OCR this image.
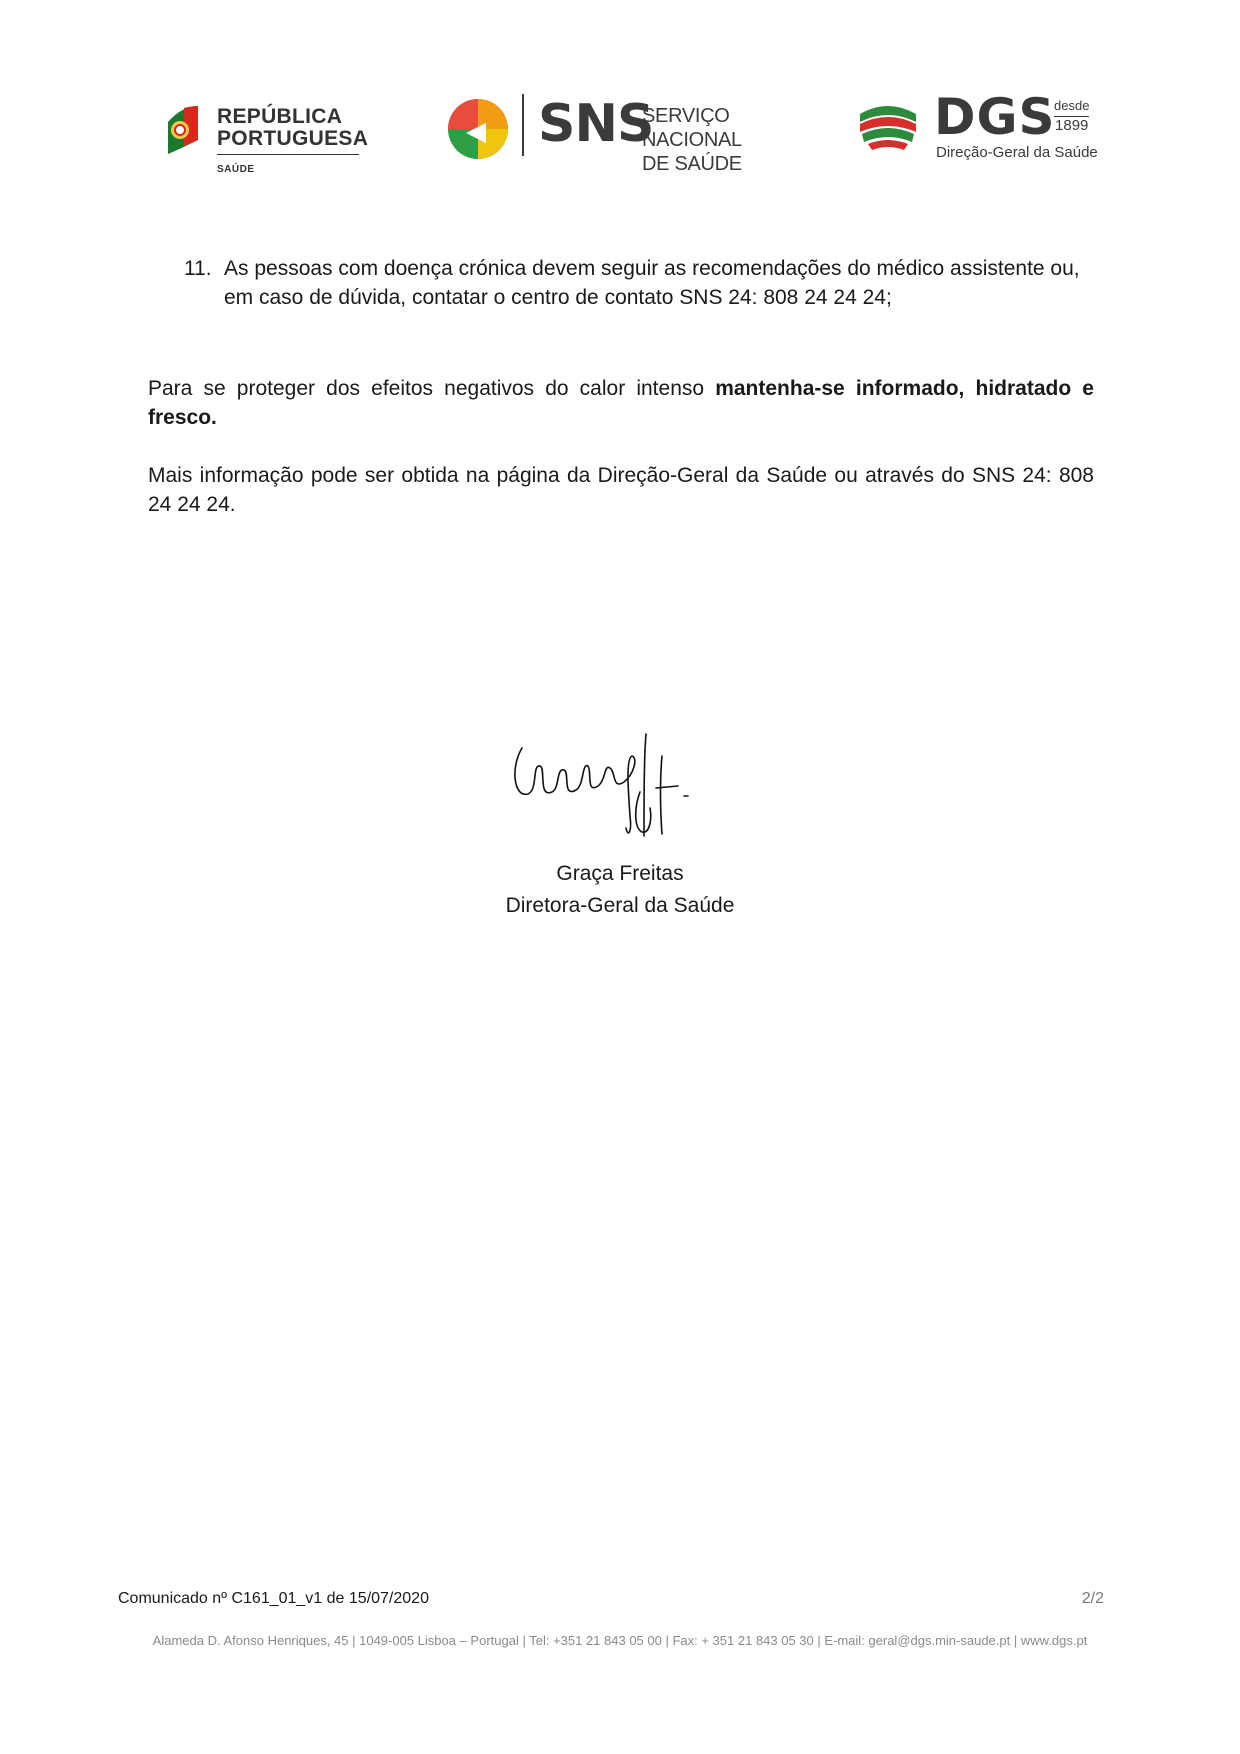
REPÚBLICA
PORTUGUESA
SAÚDE
SNS
SERVIÇO NACIONAL
DE SAÚDE
DGS
desde
1899
Direção-Geral da Saúde
11. As pessoas com doença crónica devem seguir as recomendações do médico assistente ou, em caso de dúvida, contatar o centro de contato SNS 24: 808 24 24 24;

Para se proteger dos efeitos negativos do calor intenso mantenha-se informado, hidratado e fresco.

Mais informação pode ser obtida na página da Direção-Geral da Saúde ou através do SNS 24: 808 24 24 24.

Graça Freitas
Diretora-Geral da Saúde
Comunicado nº C161_01_v1 de 15/07/2020	2/2
Alameda D. Afonso Henriques, 45 | 1049-005 Lisboa – Portugal | Tel: +351 21 843 05 00 | Fax: + 351 21 843 05 30 | E-mail: geral@dgs.min-saude.pt | www.dgs.pt
